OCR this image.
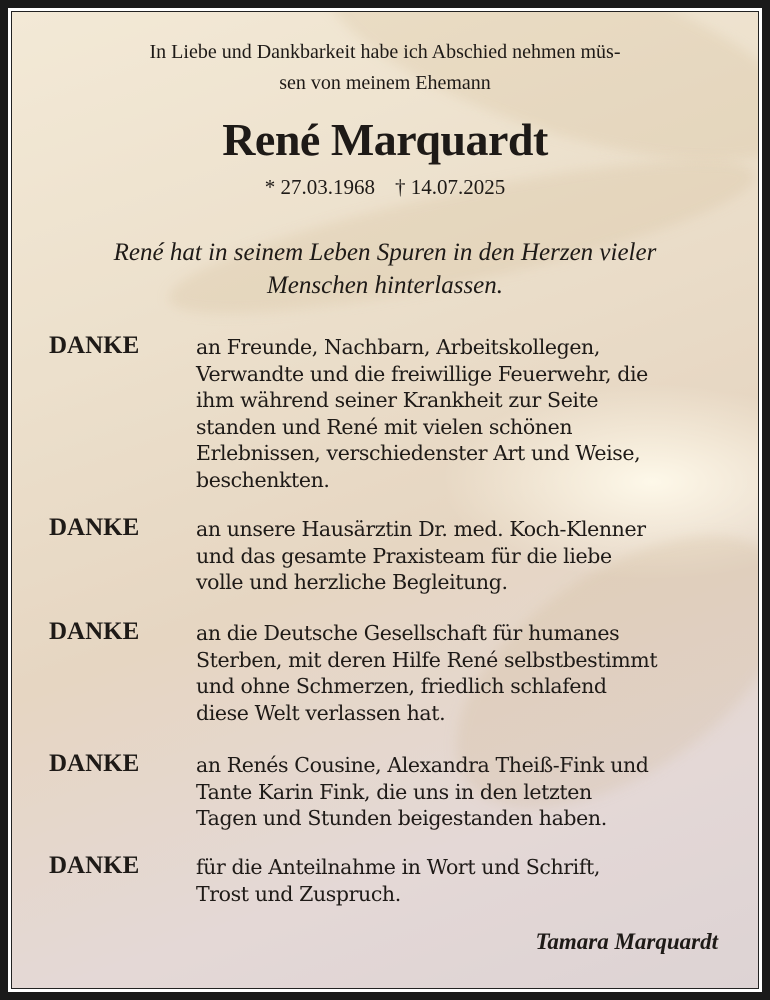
In Liebe und Dankbarkeit habe ich Abschied nehmen müs-
sen von meinem Ehemann
René Marquardt
* 27.03.1968 † 14.07.2025
René hat in seinem Leben Spuren in den Herzen vieler
Menschen hinterlassen.
DANKE	an Freunde, Nachbarn, Arbeitskollegen,
Verwandte und die freiwillige Feuerwehr, die
ihm während seiner Krankheit zur Seite
standen und René mit vielen schönen
Erlebnissen, verschiedenster Art und Weise,
beschenkten.
DANKE	an unsere Hausärztin Dr. med. Koch-Klenner
und das gesamte Praxisteam für die liebe
volle und herzliche Begleitung.
DANKE	an die Deutsche Gesellschaft für humanes
Sterben, mit deren Hilfe René selbstbestimmt
und ohne Schmerzen, friedlich schlafend
diese Welt verlassen hat.
DANKE	an Renés Cousine, Alexandra Theiß-Fink und
Tante Karin Fink, die uns in den letzten
Tagen und Stunden beigestanden haben.
DANKE	für die Anteilnahme in Wort und Schrift,
Trost und Zuspruch.
Tamara Marquardt
